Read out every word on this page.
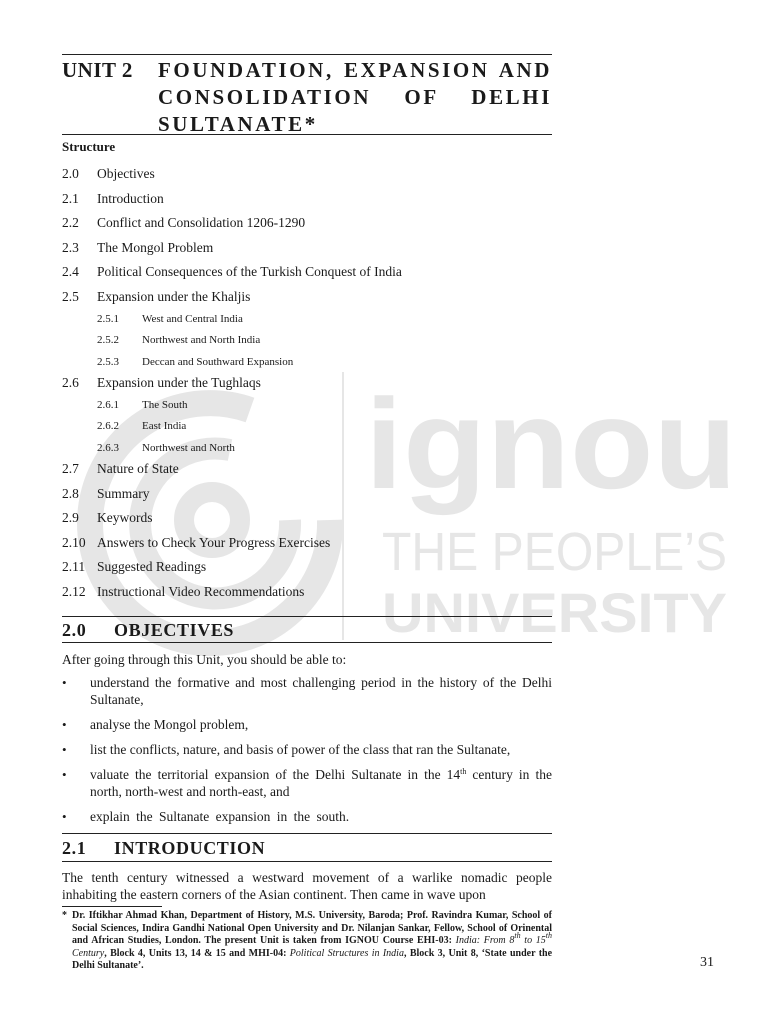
ignou
THE PEOPLE’S
UNIVERSITY
UNIT 2 FOUNDATION, EXPANSION AND CONSOLIDATION OF DELHI SULTANATE*
Structure
2.0 Objectives
2.1 Introduction
2.2 Conflict and Consolidation 1206-1290
2.3 The Mongol Problem
2.4 Political Consequences of the Turkish Conquest of India
2.5 Expansion under the Khaljis
2.5.1 West and Central India
2.5.2 Northwest and North India
2.5.3 Deccan and Southward Expansion
2.6 Expansion under the Tughlaqs
2.6.1 The South
2.6.2 East India
2.6.3 Northwest and North
2.7 Nature of State
2.8 Summary
2.9 Keywords
2.10 Answers to Check Your Progress Exercises
2.11 Suggested Readings
2.12 Instructional Video Recommendations
2.0 OBJECTIVES
After going through this Unit, you should be able to:
• understand the formative and most challenging period in the history of the Delhi Sultanate,
• analyse the Mongol problem,
• list the conflicts, nature, and basis of power of the class that ran the Sultanate,
• valuate the territorial expansion of the Delhi Sultanate in the 14th century in the north, north-west and north-east, and
• explain the Sultanate expansion in the south.
2.1 INTRODUCTION
The tenth century witnessed a westward movement of a warlike nomadic people inhabiting the eastern corners of the Asian continent. Then came in wave upon
* Dr. Iftikhar Ahmad Khan, Department of History, M.S. University, Baroda; Prof. Ravindra Kumar, School of Social Sciences, Indira Gandhi National Open University and Dr. Nilanjan Sankar, Fellow, School of Orinental and African Studies, London. The present Unit is taken from IGNOU Course EHI-03: India: From 8th to 15th Century, Block 4, Units 13, 14 & 15 and MHI-04: Political Structures in India, Block 3, Unit 8, ‘State under the Delhi Sultanate’.	31
